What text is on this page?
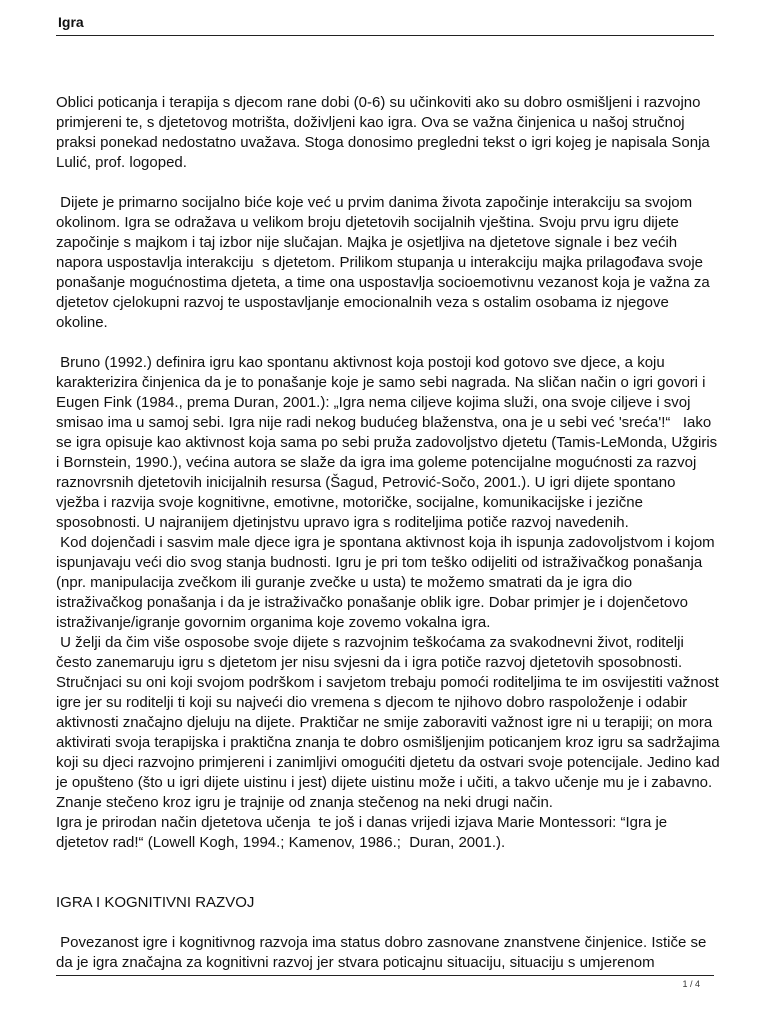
Igra

Oblici poticanja i terapija s djecom rane dobi (0-6) su učinkoviti ako su dobro osmišljeni i razvojno primjereni te, s djetetovog motrišta, doživljeni kao igra. Ova se važna činjenica u našoj stručnoj praksi ponekad nedostatno uvažava. Stoga donosimo pregledni tekst o igri kojeg je napisala Sonja Lulić, prof. logoped.

Dijete je primarno socijalno biće koje već u prvim danima života započinje interakciju sa svojom okolinom. Igra se odražava u velikom broju djetetovih socijalnih vještina. Svoju prvu igru dijete započinje s majkom i taj izbor nije slučajan. Majka je osjetljiva na djetetove signale i bez većih napora uspostavlja interakciju  s djetetom. Prilikom stupanja u interakciju majka prilagođava svoje ponašanje mogućnostima djeteta, a time ona uspostavlja socioemotivnu vezanost koja je važna za djetetov cjelokupni razvoj te uspostavljanje emocionalnih veza s ostalim osobama iz njegove okoline.

Bruno (1992.) definira igru kao spontanu aktivnost koja postoji kod gotovo sve djece, a koju karakterizira činjenica da je to ponašanje koje je samo sebi nagrada. Na sličan način o igri govori i Eugen Fink (1984., prema Duran, 2001.): „Igra nema ciljeve kojima služi, ona svoje ciljeve i svoj smisao ima u samoj sebi. Igra nije radi nekog budućeg blaženstva, ona je u sebi već 'sreća'!“   Iako se igra opisuje kao aktivnost koja sama po sebi pruža zadovoljstvo djetetu (Tamis-LeMonda, Užgiris i Bornstein, 1990.), većina autora se slaže da igra ima goleme potencijalne mogućnosti za razvoj raznovrsnih djetetovih inicijalnih resursa (Šagud, Petrović-Sočo, 2001.). U igri dijete spontano vježba i razvija svoje kognitivne, emotivne, motoričke, socijalne, komunikacijske i jezične sposobnosti. U najranijem djetinjstvu upravo igra s roditeljima potiče razvoj navedenih.

Kod dojenčadi i sasvim male djece igra je spontana aktivnost koja ih ispunja zadovoljstvom i kojom ispunjavaju veći dio svog stanja budnosti. Igru je pri tom teško odijeliti od istraživačkog ponašanja (npr. manipulacija zvečkom ili guranje zvečke u usta) te možemo smatrati da je igra dio istraživačkog ponašanja i da je istraživačko ponašanje oblik igre. Dobar primjer je i dojenčetovo istraživanje/igranje govornim organima koje zovemo vokalna igra.

U želji da čim više osposobe svoje dijete s razvojnim teškoćama za svakodnevni život, roditelji često zanemaruju igru s djetetom jer nisu svjesni da i igra potiče razvoj djetetovih sposobnosti. Stručnjaci su oni koji svojom podrškom i savjetom trebaju pomoći roditeljima te im osvijestiti važnost igre jer su roditelji ti koji su najveći dio vremena s djecom te njihovo dobro raspoloženje i odabir aktivnosti značajno djeluju na dijete. Praktičar ne smije zaboraviti važnost igre ni u terapiji; on mora aktivirati svoja terapijska i praktična znanja te dobro osmišljenjim poticanjem kroz igru sa sadržajima koji su djeci razvojno primjereni i zanimljivi omogućiti djetetu da ostvari svoje potencijale. Jedino kad je opušteno (što u igri dijete uistinu i jest) dijete uistinu može i učiti, a takvo učenje mu je i zabavno. Znanje stečeno kroz igru je trajnije od znanja stečenog na neki drugi način.

Igra je prirodan način djetetova učenja  te još i danas vrijedi izjava Marie Montessori: “Igra je djetetov rad!“ (Lowell Kogh, 1994.; Kamenov, 1986.;  Duran, 2001.).

IGRA I KOGNITIVNI RAZVOJ

Povezanost igre i kognitivnog razvoja ima status dobro zasnovane znanstvene činjenice. Ističe se da je igra značajna za kognitivni razvoj jer stvara poticajnu situaciju, situaciju s umjerenom

1 / 4
